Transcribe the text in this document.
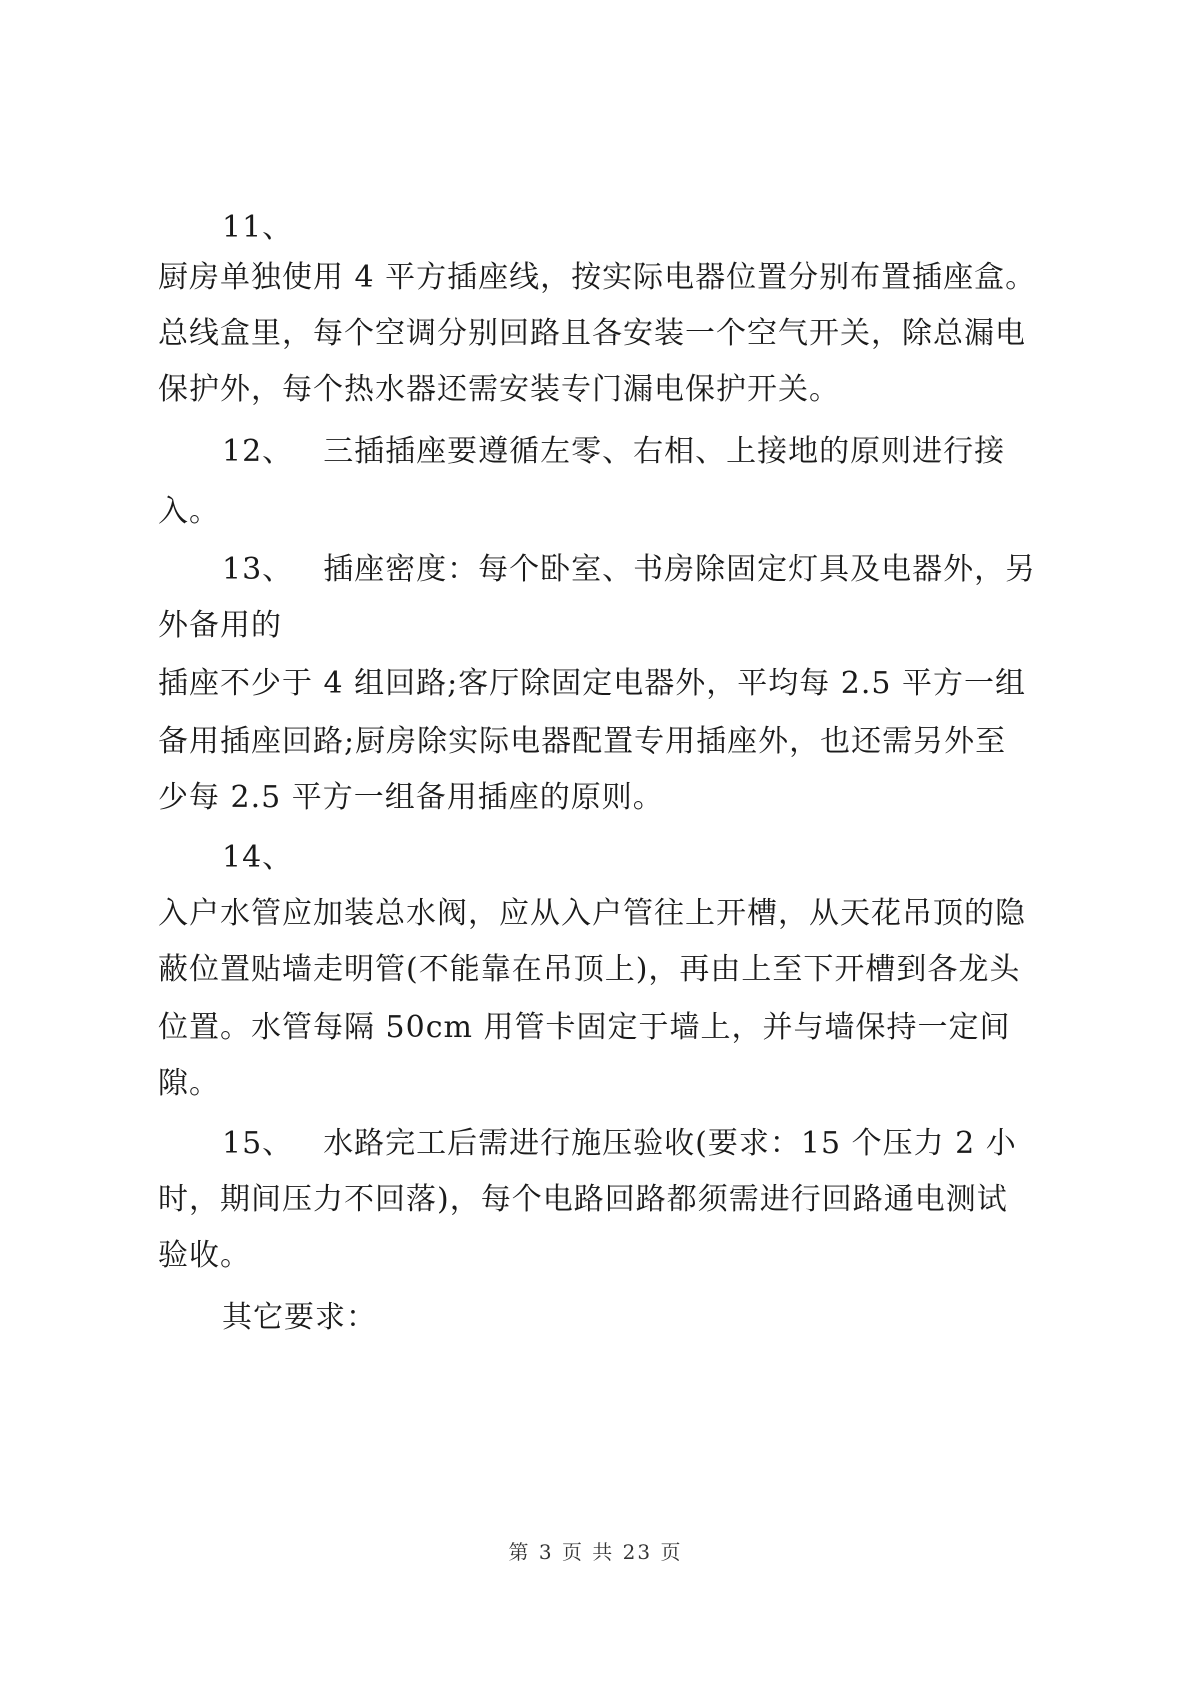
11、
厨房单独使用 4 平方插座线，按实际电器位置分别布置插座盒。
总线盒里，每个空调分别回路且各安装一个空气开关，除总漏电
保护外，每个热水器还需安装专门漏电保护开关。
12、 三插插座要遵循左零、右相、上接地的原则进行接
入。
13、 插座密度：每个卧室、书房除固定灯具及电器外，另
外备用的
插座不少于 4 组回路;客厅除固定电器外，平均每 2.5 平方一组
备用插座回路;厨房除实际电器配置专用插座外，也还需另外至
少每 2.5 平方一组备用插座的原则。
14、
入户水管应加装总水阀，应从入户管往上开槽，从天花吊顶的隐
蔽位置贴墙走明管(不能靠在吊顶上)，再由上至下开槽到各龙头
位置。水管每隔 50cm 用管卡固定于墙上，并与墙保持一定间
隙。
15、 水路完工后需进行施压验收(要求：15 个压力 2 小
时，期间压力不回落)，每个电路回路都须需进行回路通电测试
验收。
其它要求：
第 3 页 共 23 页
